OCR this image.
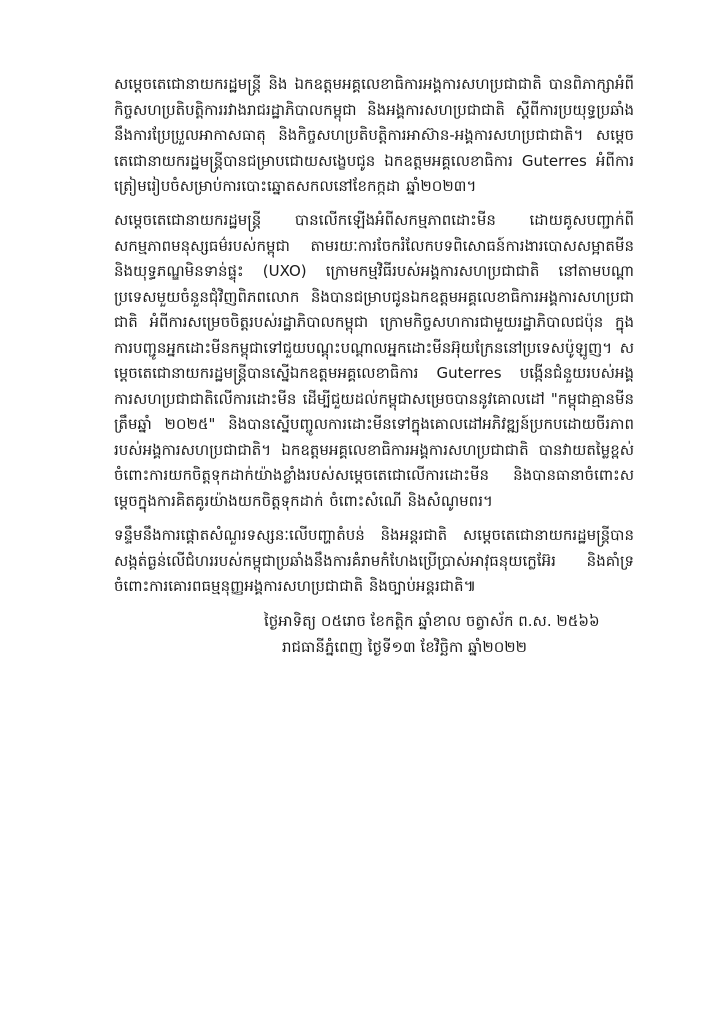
សម្តេចតេជោនាយករដ្ឋមន្ត្រី និង ឯកឧត្តមអគ្គលេខាធិការអង្គការសហប្រជាជាតិ បានពិភាក្សាអំពីកិច្ចសហប្រតិបត្តិការរវាងរាជរដ្ឋាភិបាលកម្ពុជា និងអង្គការសហប្រជាជាតិ ស្តីពីការប្រយុទ្ធប្រឆាំងនឹងការប្រែប្រួលអាកាសធាតុ និងកិច្ចសហប្រតិបត្តិការអាស៊ាន-អង្គការសហប្រជាជាតិ។ សម្តេចតេជោនាយករដ្ឋមន្ត្រីបានជម្រាបជោយសង្ខេបជូន ឯកឧត្តមអគ្គលេខាធិការ Guterres អំពីការត្រៀមរៀបចំសម្រាប់ការបោះឆ្នោតសកលនៅខែកក្កដា ឆ្នាំ២០២៣។

សម្តេចតេជោនាយករដ្ឋមន្ត្រី បានលើកឡើងអំពីសកម្មភាពដោះមីន ដោយគូសបញ្ជាក់ពីសកម្មភាពមនុស្សធម៌របស់កម្ពុជា តាមរយៈការចែករំលែកបទពិសោធន៍ការងារបោសសម្អាតមីន និងយុទ្ធភណ្ឌមិនទាន់ផ្ទុះ (UXO) ក្រោមកម្មវិធីរបស់អង្គការសហប្រជាជាតិ នៅតាមបណ្តាប្រទេសមួយចំនួនជុំវិញពិភពលោក និងបានជម្រាបជូនឯកឧត្តមអគ្គលេខាធិការអង្គការសហប្រជាជាតិ អំពីការសម្រេចចិត្តរបស់រដ្ឋាភិបាលកម្ពុជា ក្រោមកិច្ចសហការជាមួយរដ្ឋាភិបាលជប៉ុន ក្នុងការបញ្ជូនអ្នកដោះមីនកម្ពុជាទៅជួយបណ្តុះបណ្តាលអ្នកដោះមីនអ៊ុយក្រែននៅប្រទេសប៉ូឡូញ។ សម្តេចតេជោនាយករដ្ឋមន្ត្រីបានស្នើឯកឧត្តមអគ្គលេខាធិការ Guterres បង្កើនជំនួយរបស់អង្គការសហប្រជាជាតិលើការដោះមីន ដើម្បីជួយដល់កម្ពុជាសម្រេចបាននូវគោលដៅ "កម្ពុជាគ្មានមីនត្រឹមឆ្នាំ ២០២៥" និងបានស្នើបញ្ចូលការដោះមីនទៅក្នុងគោលដៅអភិវឌ្ឍន៍ប្រកបដោយចីរភាពរបស់អង្គការសហប្រជាជាតិ។ ឯកឧត្តមអគ្គលេខាធិការអង្គការសហប្រជាជាតិ បានវាយតម្លៃខ្ពស់ចំពោះការយកចិត្តទុកដាក់យ៉ាងខ្លាំងរបស់សម្តេចតេជោលើការដោះមីន និងបានធានាចំពោះសម្តេចក្នុងការគិតគូរយ៉ាងយកចិត្តទុកដាក់ ចំពោះសំណើ និងសំណូមពរ។

ទន្ទឹមនឹងការផ្តោតសំណួរទស្សនៈលើបញ្ហាតំបន់ និងអន្តរជាតិ សម្តេចតេជោនាយករដ្ឋមន្ត្រីបានសង្កត់ធ្ងន់លើជំហររបស់កម្ពុជាប្រឆាំងនឹងការគំរាមកំហែងប្រើប្រាស់អាវុធនុយក្លេអ៊ែរ និងគាំទ្រចំពោះការគោរពធម្មនុញ្ញអង្គការសហប្រជាជាតិ និងច្បាប់អន្តរជាតិ៕

ថ្ងៃអាទិត្យ ០៥រោច ខែកត្តិក ឆ្នាំខាល ចត្វាស័ក ព.ស. ២៥៦៦

រាជធានីភ្នំពេញ ថ្ងៃទី១៣ ខែវិច្ឆិកា ឆ្នាំ២០២២
